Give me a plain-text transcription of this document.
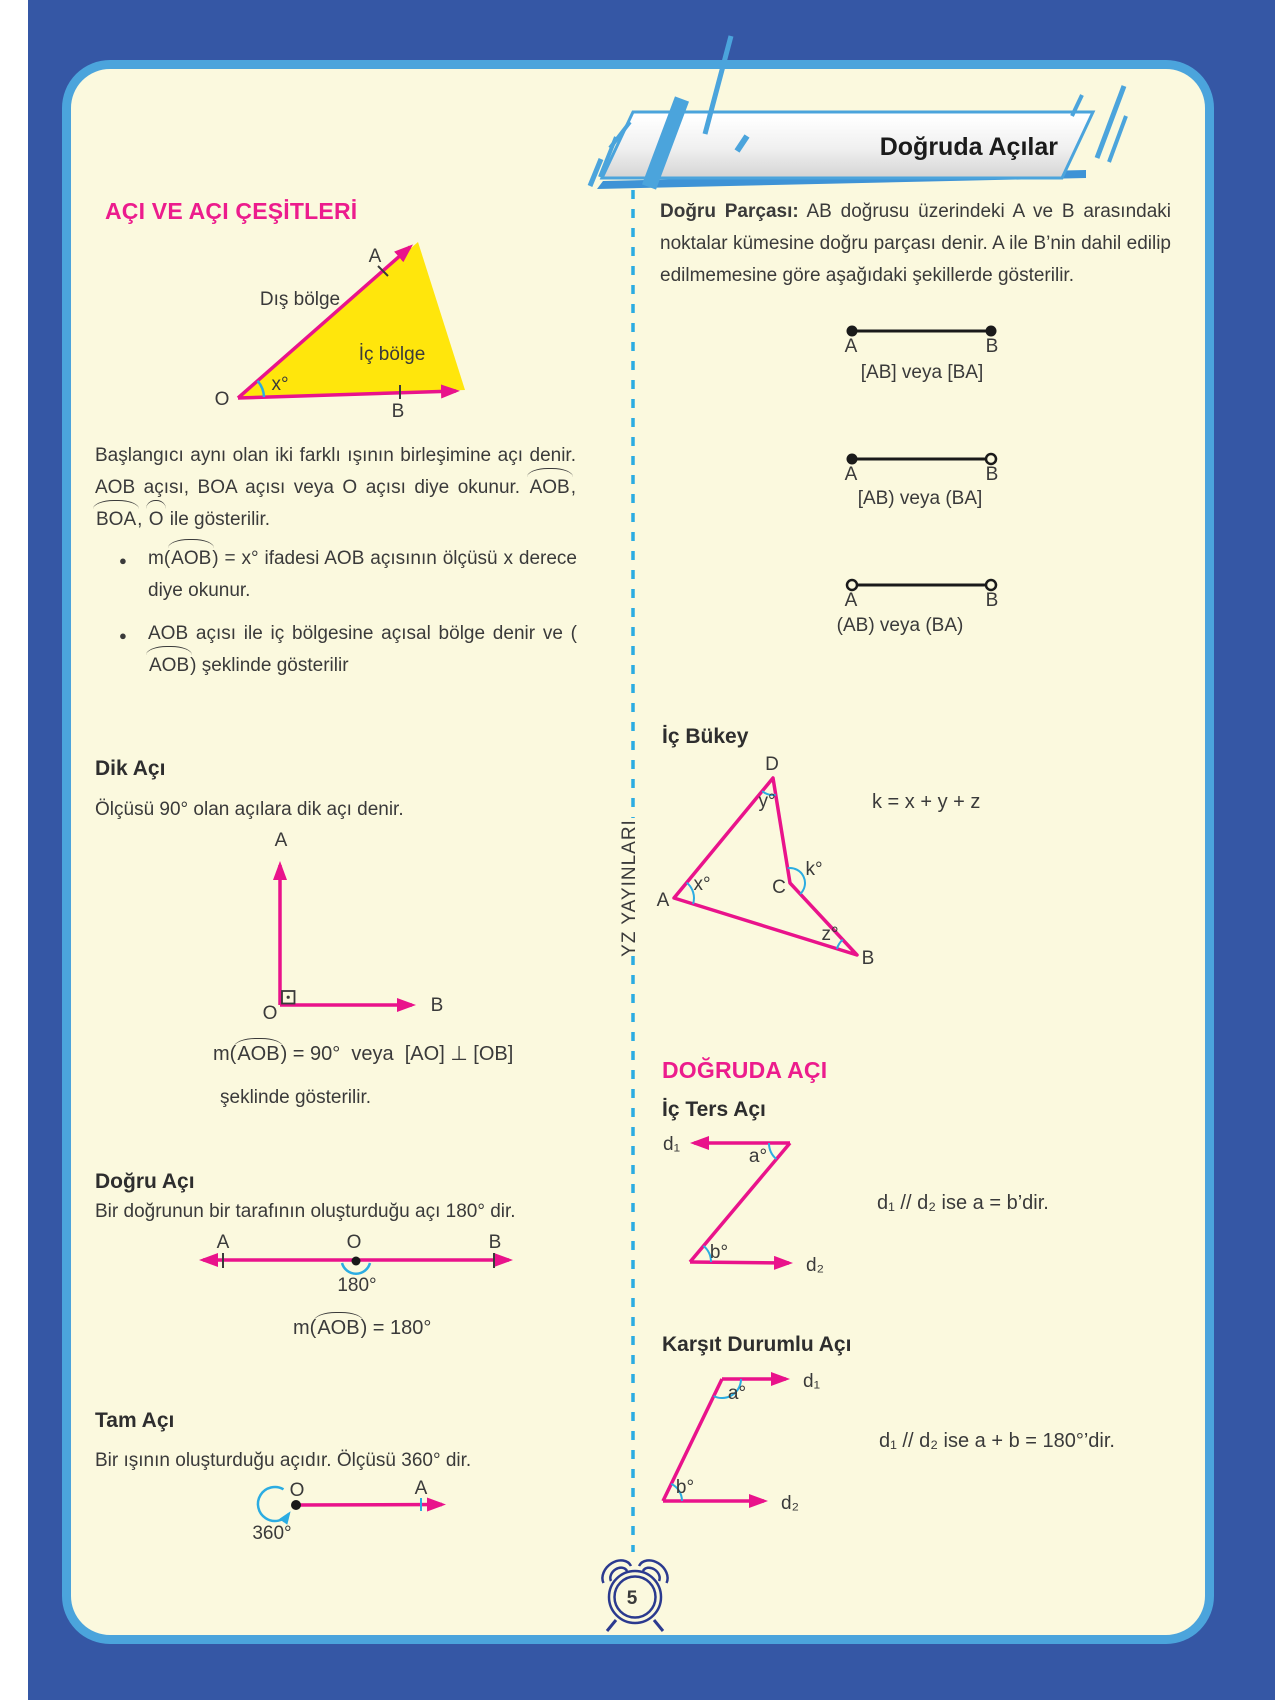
A
B
O
Dış bölge
İç bölge
x°
A
O	B
A	O	B
180°
O	A
360°
A	B
[AB] veya [BA]
A	B
[AB) veya (BA]
A	B
(AB) veya (BA)
A
D
C
B
x°
y°
k°
z°
d₁
d₂
a°
b°
d₁
d₂
a°
b°
5
Doğruda Açılar
AÇI VE AÇI ÇEŞİTLERİ
Başlangıcı aynı olan iki farklı ışının birleşimine açı denir. AOB açısı, BOA açısı veya O açısı diye okunur. AOB, BOA, O ile gösterilir.
● m(AOB) = x° ifadesi AOB açısının ölçüsü x derece diye okunur.
● AOB açısı ile iç bölgesine açısal bölge denir ve (AOB) şeklinde gösterilir
Dik Açı
Ölçüsü 90° olan açılara dik açı denir.
m(AOB) = 90°  veya  [AO] ⊥ [OB]
şeklinde gösterilir.
Doğru Açı
Bir doğrunun bir tarafının oluşturduğu açı 180° dir.
m(AOB) = 180°
Tam Açı
Bir ışının oluşturduğu açıdır. Ölçüsü 360° dir.
Doğru Parçası: AB doğrusu üzerindeki A ve B arasındaki noktalar kümesine doğru parçası denir. A ile B’nin dahil edilip edilmemesine göre aşağıdaki şekillerde gösterilir.
İç Bükey
k = x + y + z
DOĞRUDA AÇI
İç Ters Açı
d₁ // d₂ ise a = b’dir.
Karşıt Durumlu Açı
d₁ // d₂ ise a + b = 180°’dir.
YZ YAYINLARI
